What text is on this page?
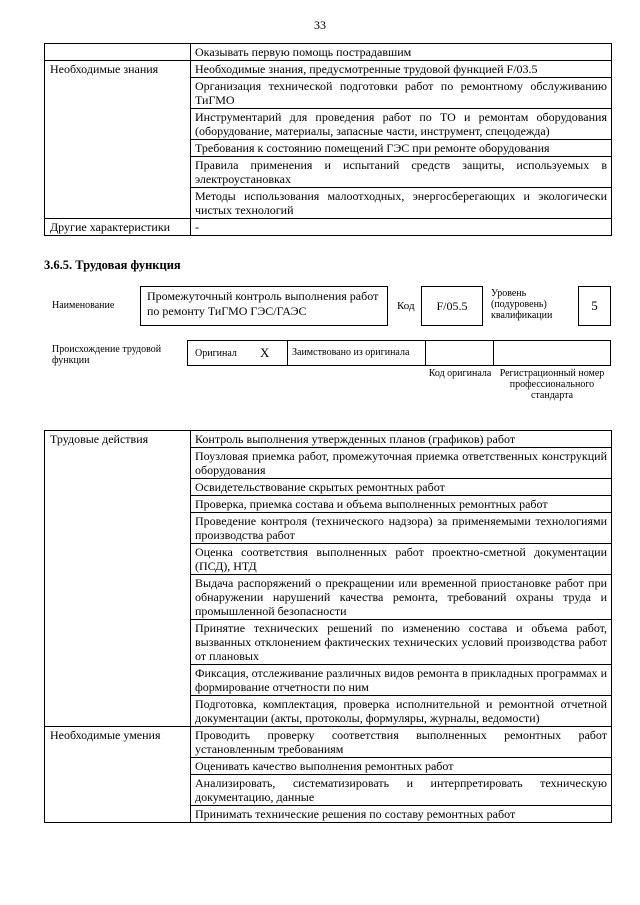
33
	Оказывать первую помощь пострадавшим
Необходимые знания	Необходимые знания, предусмотренные трудовой функцией F/03.5
	Организация технической подготовки работ по ремонтному обслуживанию ТиГМО
	Инструментарий для проведения работ по ТО и ремонтам оборудования (оборудование, материалы, запасные части, инструмент, спецодежда)
	Требования к состоянию помещений ГЭС при ремонте оборудования
	Правила применения и испытаний средств защиты, используемых в электроустановках
	Методы использования малоотходных, энергосберегающих и экологически чистых технологий
Другие характеристики	-
3.6.5. Трудовая функция
Наименование
Промежуточный контроль выполнения работ по ремонту ТиГМО ГЭС/ГАЭС	Код	F/05.5
Уровень (подуровень) квалификации
5
Происхождение трудовой функции
Оригинал X	Заимствовано из оригинала
Код оригинала Регистрационный номер профессионального стандарта
Трудовые действия	Контроль выполнения утвержденных планов (графиков) работ
	Поузловая приемка работ, промежуточная приемка ответственных конструкций оборудования
	Освидетельствование скрытых ремонтных работ
	Проверка, приемка состава и объема выполненных ремонтных работ
	Проведение контроля (технического надзора) за применяемыми технологиями производства работ
	Оценка соответствия выполненных работ проектно-сметной документации (ПСД), НТД
	Выдача распоряжений о прекращении или временной приостановке работ при обнаружении нарушений качества ремонта, требований охраны труда и промышленной безопасности
	Принятие технических решений по изменению состава и объема работ, вызванных отклонением фактических технических условий производства работ от плановых
	Фиксация, отслеживание различных видов ремонта в прикладных программах и формирование отчетности по ним
	Подготовка, комплектация, проверка исполнительной и ремонтной отчетной документации (акты, протоколы, формуляры, журналы, ведомости)
Необходимые умения	Проводить проверку соответствия выполненных ремонтных работ установленным требованиям
	Оценивать качество выполнения ремонтных работ
	Анализировать, систематизировать и интерпретировать техническую документацию, данные
	Принимать технические решения по составу ремонтных работ
